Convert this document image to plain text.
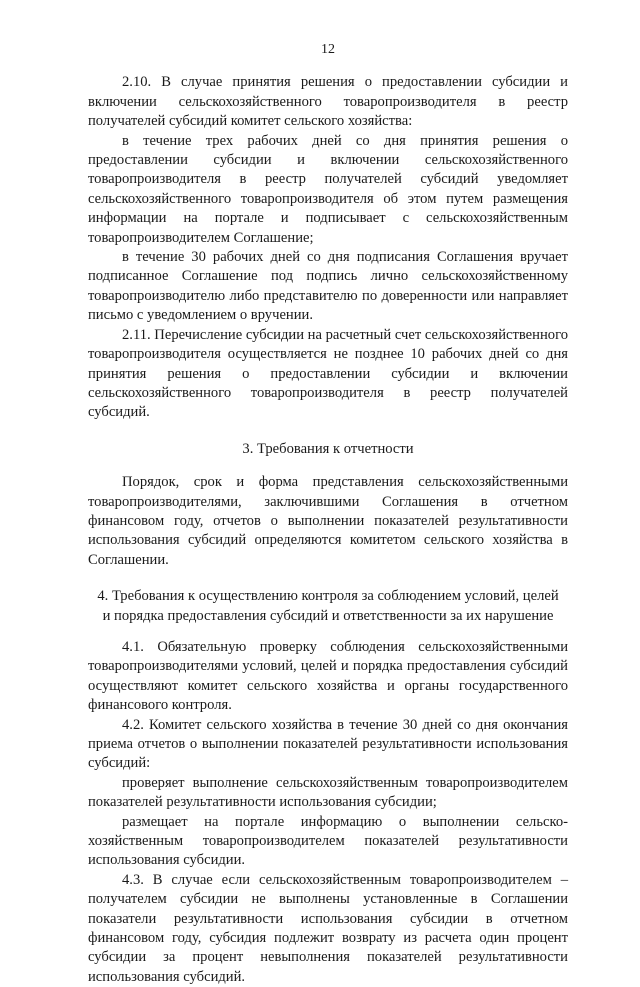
12

2.10. В случае принятия решения о предоставлении субсидии и включении сельскохозяйственного товаропроизводителя в реестр получателей субсидий комитет сельского хозяйства:

в течение трех рабочих дней со дня принятия решения о предоставлении субсидии и включении сельскохозяйственного товаропроизводителя в реестр получателей субсидий уведомляет сельскохозяйственного товаропроизводителя об этом путем размещения информации на портале и подписывает с сельскохозяйственным товаропроизводителем Соглашение;

в течение 30 рабочих дней со дня подписания Соглашения вручает подписанное Соглашение под подпись лично сельскохозяйственному товаропроизводителю либо представителю по доверенности или направляет письмо с уведомлением о вручении.

2.11. Перечисление субсидии на расчетный счет сельскохозяйственного товаропроизводителя осуществляется не позднее 10 рабочих дней со дня принятия решения о предоставлении субсидии и включении сельскохозяйственного товаропроизводителя в реестр получателей субсидий.

3. Требования к отчетности

Порядок, срок и форма представления сельскохозяйственными товаропроизводителями, заключившими Соглашения в отчетном финансовом году, отчетов о выполнении показателей результативности использования субсидий определяются комитетом сельского хозяйства в Соглашении.

4. Требования к осуществлению контроля за соблюдением условий, целей
и порядка предоставления субсидий и ответственности за их нарушение

4.1. Обязательную проверку соблюдения сельскохозяйственными товаропроизводителями условий, целей и порядка предоставления субсидий осуществляют комитет сельского хозяйства и органы государственного финансового контроля.

4.2. Комитет сельского хозяйства в течение 30 дней со дня окончания приема отчетов о выполнении показателей результативности использования субсидий:

проверяет выполнение сельскохозяйственным товаропроизводителем показателей результативности использования субсидии;

размещает на портале информацию о выполнении сельскохозяйственным товаропроизводителем показателей результативности использования субсидии.

4.3. В случае если сельскохозяйственным товаропроизводителем – получателем субсидии не выполнены установленные в Соглашении показатели результативности использования субсидии в отчетном финансовом году, субсидия подлежит возврату из расчета один процент субсидии за процент невыполнения показателей результативности использования субсидий.
